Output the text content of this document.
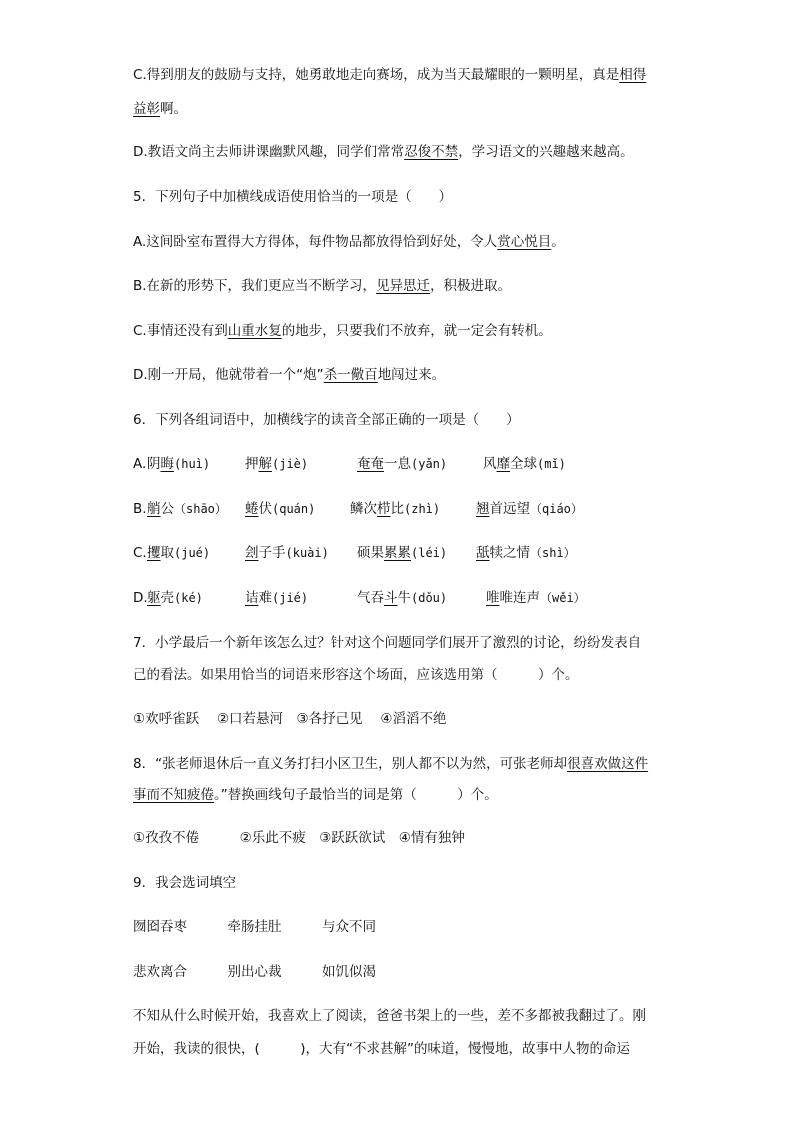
C.得到朋友的鼓励与支持，她勇敢地走向赛场，成为当天最耀眼的一颗明星，真是相得
益彰啊。
D.教语文尚主去师讲课幽默风趣，同学们常常忍俊不禁，学习语文的兴趣越来越高。
5．下列句子中加横线成语使用恰当的一项是（　　）
A.这间卧室布置得大方得体，每件物品都放得恰到好处，令人赏心悦目。
B.在新的形势下，我们更应当不断学习，见异思迁，积极进取。
C.事情还没有到山重水复的地步，只要我们不放弃，就一定会有转机。
D.刚一开局，他就带着一个“炮”杀一儆百地闯过来。
6．下列各组词语中，加横线字的读音全部正确的一项是（　　）
A. 阴晦(huì)	押解(jiè)	奄奄一息(yǎn)	风靡全球(mǐ)
B. 艄公（shāo） 蜷伏(quán)	鳞次栉比(zhì)	翘首远望（qiáo）
C. 攫取(jué)	刽子手(kuài) 硕果累累(léi) 舐犊之情（shì）
D. 躯壳(ké)	诘难(jié)	气吞斗牛(dǒu)	唯唯连声（wěi）
7．小学最后一个新年该怎么过？针对这个问题同学们展开了激烈的讨论，纷纷发表自
己的看法。如果用恰当的词语来形容这个场面，应该选用第（　　　）个。
①欢呼雀跃　 ②口若悬河　③各抒己见　 ④滔滔不绝
8．“张老师退休后一直义务打扫小区卫生，别人都不以为然，可张老师却很喜欢做这件
事而不知疲倦。”替换画线句子最恰当的词是第（　　　）个。
①孜孜不倦　　　②乐此不疲　③跃跃欲试　④情有独钟
9．我会选词填空
囫囵吞枣　　　牵肠挂肚　　　与众不同
悲欢离合　　　别出心裁　　　如饥似渴
不知从什么时候开始，我喜欢上了阅读，爸爸书架上的一些，差不多都被我翻过了。刚
开始，我读的很快，(　　　)，大有“不求甚解”的味道，慢慢地，故事中人物的命运
